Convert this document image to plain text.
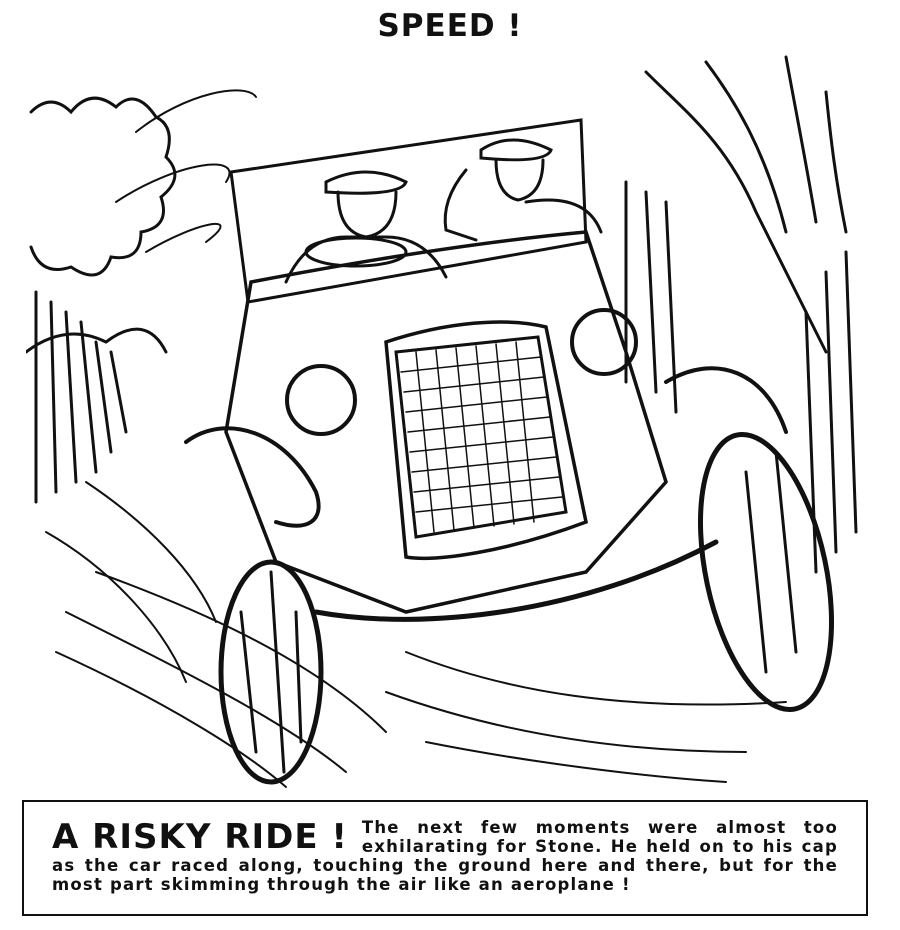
SPEED !
A RISKY RIDE ! The next few moments were almost too exhilarating for Stone. He held on to his cap as the car raced along, touching the ground here and there, but for the most part skimming through the air like an aeroplane !
